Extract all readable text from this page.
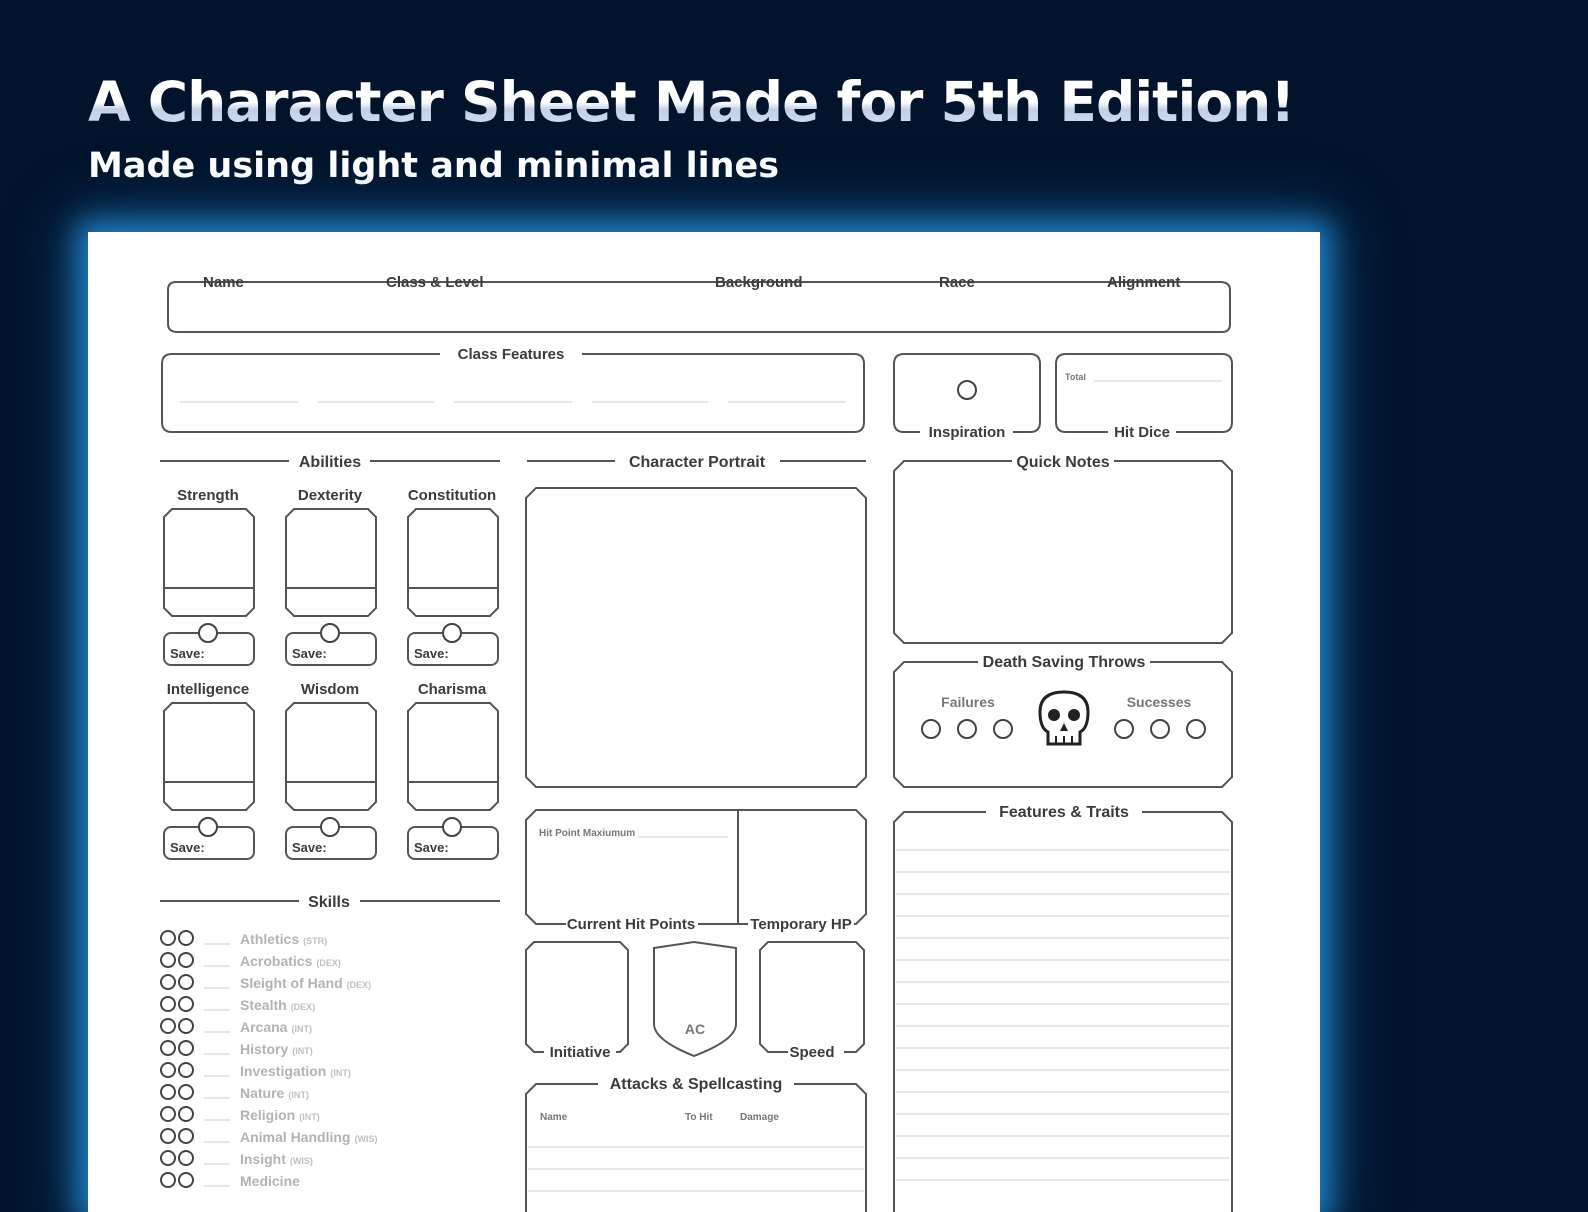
A Character Sheet Made for 5th Edition!

Made using light and minimal lines

Name	Class & Level	Background	Race	Alignment
Class Features
Inspiration
Total
Hit Dice
Abilities
Strength
Save:
Dexterity
Save:
Constitution
Save:
Intelligence
Save:
Wisdom
Save:
Charisma
Save:
Character Portrait	Quick Notes
Death Saving Throws
Failures	Sucesses
Features & Traits
Hit Point Maxiumum
Current Hit Points	Temporary HP
Initiative
AC
Speed
Attacks & Spellcasting
Name	To Hit	Damage
Skills
Athletics (STR)
Acrobatics (DEX)
Sleight of Hand (DEX)
Stealth (DEX)
Arcana (INT)
History (INT)
Investigation (INT)
Nature (INT)
Religion (INT)
Animal Handling (WIS)
Insight (WIS)
Medicine
